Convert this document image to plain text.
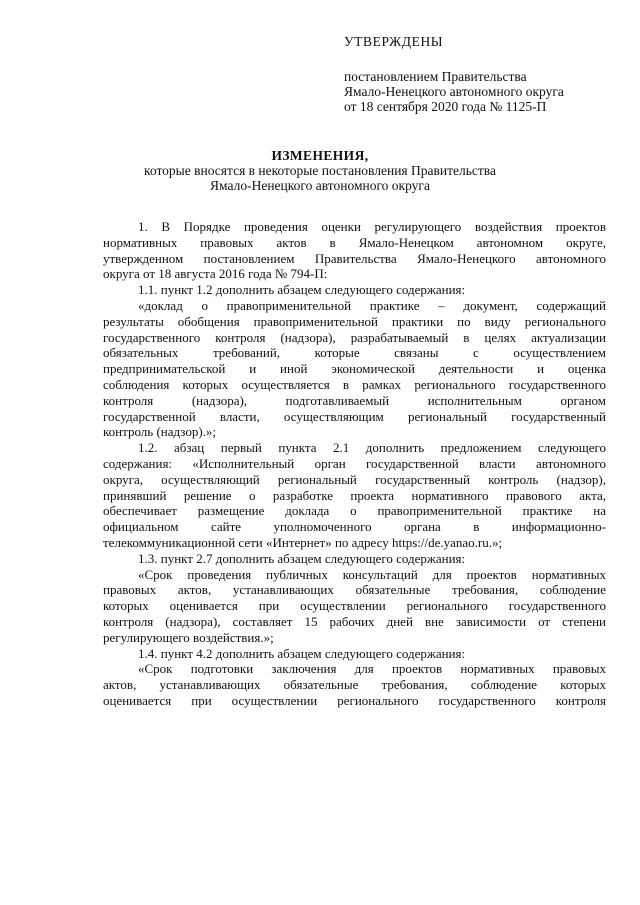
УТВЕРЖДЕНЫ
постановлением Правительства
Ямало-Ненецкого автономного округа
от 18 сентября 2020 года № 1125-П
ИЗМЕНЕНИЯ,
которые вносятся в некоторые постановления Правительства
Ямало-Ненецкого автономного округа
1. В Порядке проведения оценки регулирующего воздействия проектов
нормативных правовых актов в Ямало-Ненецком автономном округе,
утвержденном постановлением Правительства Ямало-Ненецкого автономного
округа от 18 августа 2016 года № 794-П:
1.1. пункт 1.2 дополнить абзацем следующего содержания:
«доклад о правоприменительной практике – документ, содержащий
результаты обобщения правоприменительной практики по виду регионального
государственного контроля (надзора), разрабатываемый в целях актуализации
обязательных требований, которые связаны с осуществлением
предпринимательской и иной экономической деятельности и оценка
соблюдения которых осуществляется в рамках регионального государственного
контроля (надзора), подготавливаемый исполнительным органом
государственной власти, осуществляющим региональный государственный
контроль (надзор).»;
1.2. абзац первый пункта 2.1 дополнить предложением следующего
содержания: «Исполнительный орган государственной власти автономного
округа, осуществляющий региональный государственный контроль (надзор),
принявший решение о разработке проекта нормативного правового акта,
обеспечивает размещение доклада о правоприменительной практике на
официальном сайте уполномоченного органа в информационно-
телекоммуникационной сети «Интернет» по адресу https://de.yanao.ru.»;
1.3. пункт 2.7 дополнить абзацем следующего содержания:
«Срок проведения публичных консультаций для проектов нормативных
правовых актов, устанавливающих обязательные требования, соблюдение
которых оценивается при осуществлении регионального государственного
контроля (надзора), составляет 15 рабочих дней вне зависимости от степени
регулирующего воздействия.»;
1.4. пункт 4.2 дополнить абзацем следующего содержания:
«Срок подготовки заключения для проектов нормативных правовых
актов, устанавливающих обязательные требования, соблюдение которых
оценивается при осуществлении регионального государственного контроля
